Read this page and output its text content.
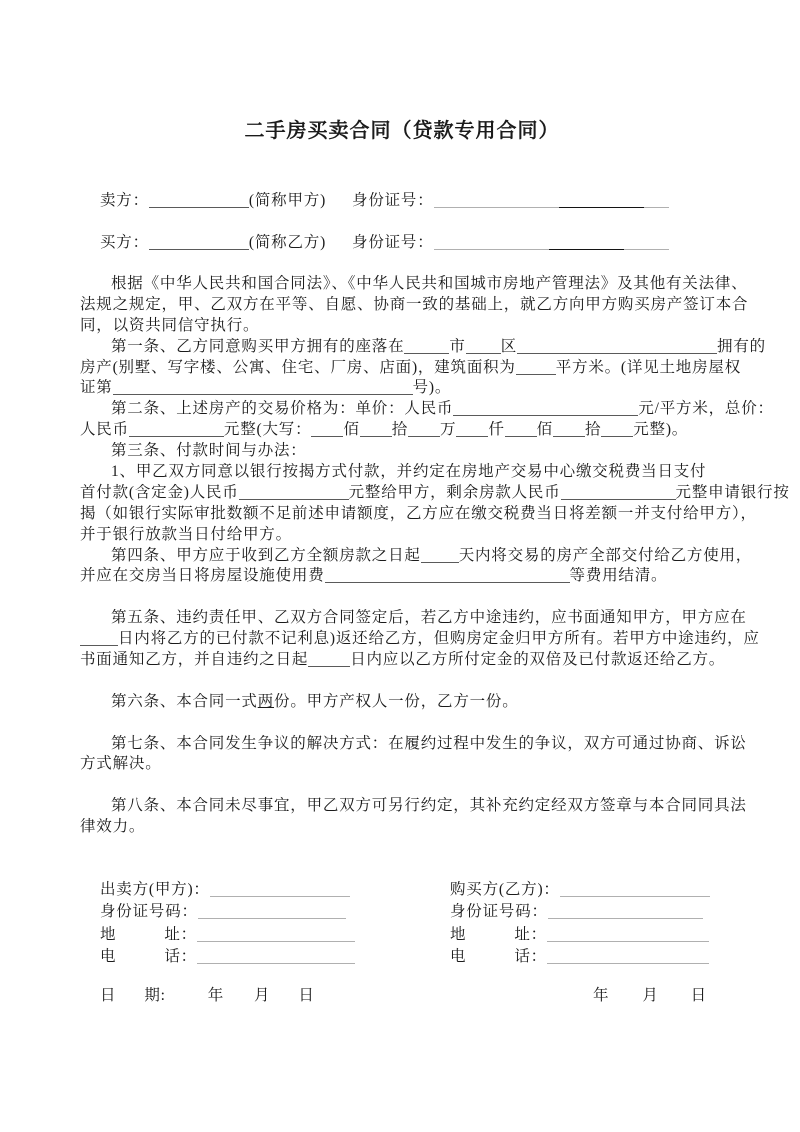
二手房买卖合同（贷款专用合同）
卖方：	(简称甲方) 身份证号：
买方：	(简称乙方) 身份证号：
根据《中华人民共和国合同法》、《中华人民共和国城市房地产管理法》及其他有关法律、
法规之规定，甲、乙双方在平等、自愿、协商一致的基础上，就乙方向甲方购买房产签订本合
同，以资共同信守执行。
第一条、乙方同意购买甲方拥有的座落在	市 区	拥有的
房产(别墅、写字楼、公寓、住宅、厂房、店面)，建筑面积为	平方米。(详见土地房屋权
证第	号)。
第二条、上述房产的交易价格为：单价：人民币	元/平方米，总价：
人民币	元整(大写： 佰 拾 万 仟 佰 拾 元整)。
第三条、付款时间与办法：
1、甲乙双方同意以银行按揭方式付款，并约定在房地产交易中心缴交税费当日支付
首付款(含定金)人民币	元整给甲方，剩余房款人民币	元整申请银行按
揭（如银行实际审批数额不足前述申请额度，乙方应在缴交税费当日将差额一并支付给甲方），
并于银行放款当日付给甲方。
第四条、甲方应于收到乙方全额房款之日起 天内将交易的房产全部交付给乙方使用，
并应在交房当日将房屋设施使用费	等费用结清。
第五条、违约责任甲、乙双方合同签定后，若乙方中途违约，应书面通知甲方，甲方应在
日内将乙方的已付款不记利息)返还给乙方，但购房定金归甲方所有。若甲方中途违约，应
书面通知乙方，并自违约之日起	日内应以乙方所付定金的双倍及已付款返还给乙方。
第六条、本合同一式两份。甲方产权人一份，乙方一份。
第七条、本合同发生争议的解决方式：在履约过程中发生的争议，双方可通过协商、诉讼
方式解决。
第八条、本合同未尽事宜，甲乙双方可另行约定，其补充约定经双方签章与本合同同具法
律效力。
出卖方(甲方)：	购买方(乙方)：
身份证号码：	身份证号码：
地	址：	地	址：
电	话：	电	话：
日 期:	年 月 日	年 月 日
